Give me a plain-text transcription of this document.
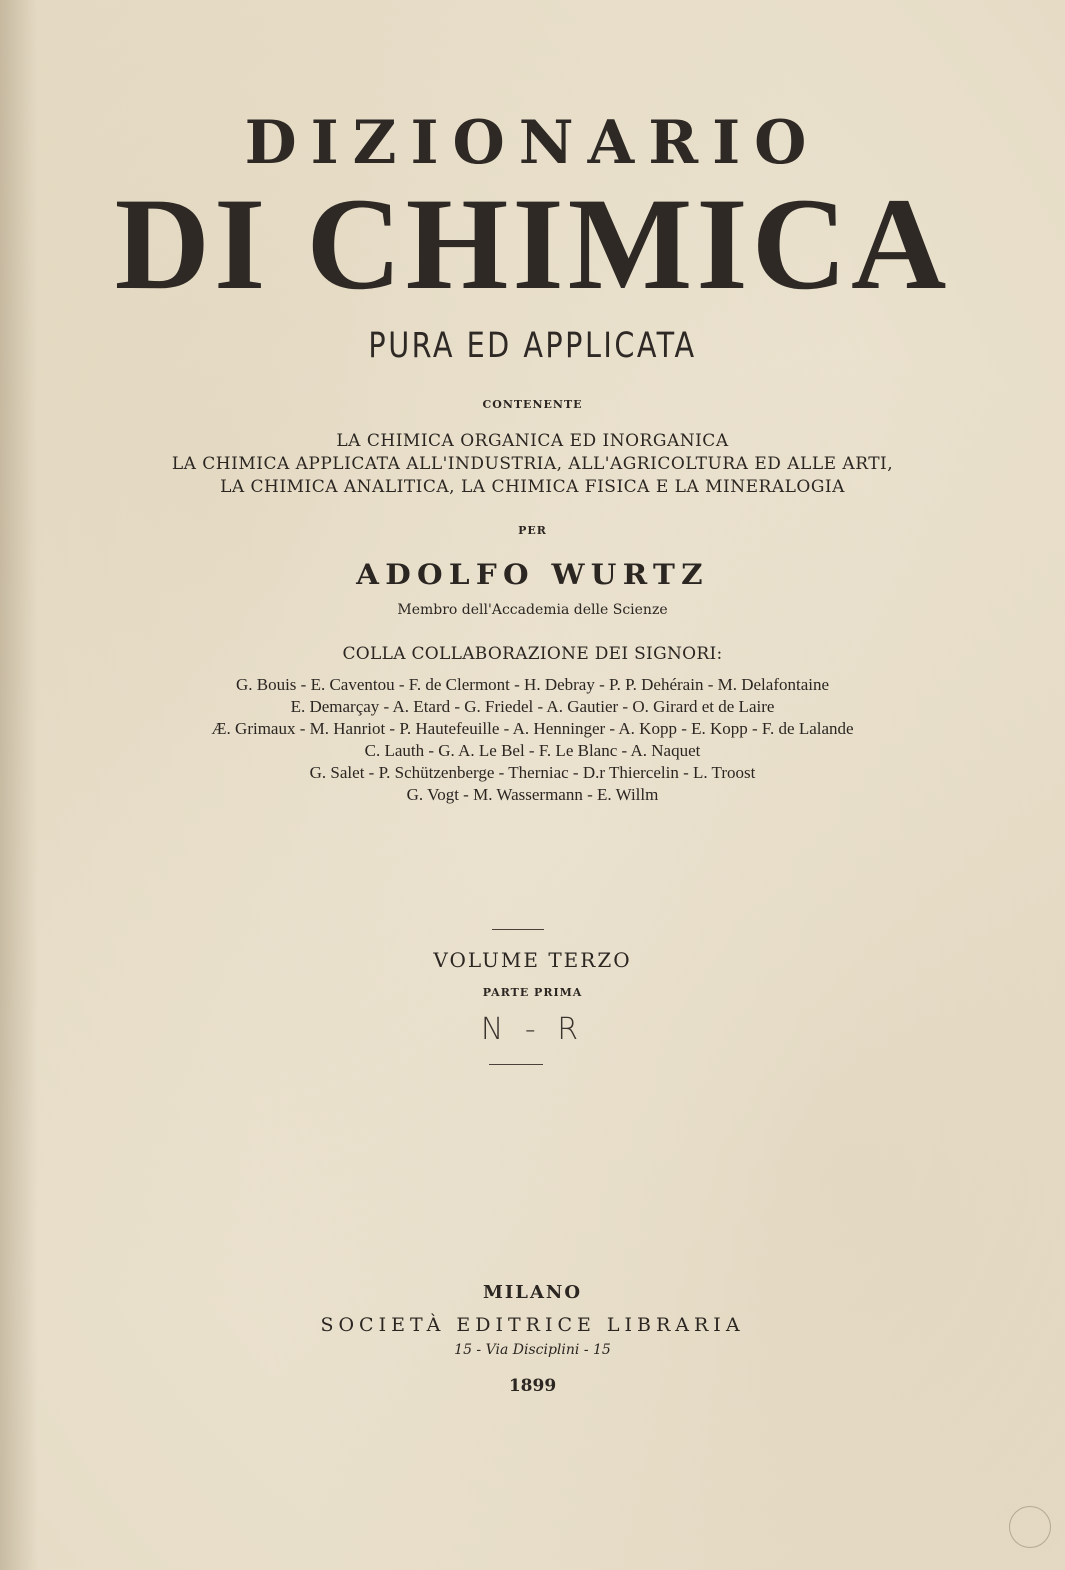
DIZIONARIO
DI CHIMICA
PURA ED APPLICATA
CONTENENTE
LA CHIMICA ORGANICA ED INORGANICA
LA CHIMICA APPLICATA ALL'INDUSTRIA, ALL'AGRICOLTURA ED ALLE ARTI,
LA CHIMICA ANALITICA, LA CHIMICA FISICA E LA MINERALOGIA
PER
ADOLFO WURTZ
Membro dell'Accademia delle Scienze
COLLA COLLABORAZIONE DEI SIGNORI:
G. Bouis - E. Caventou - F. de Clermont - H. Debray - P. P. Dehérain - M. Delafontaine
E. Demarçay - A. Etard - G. Friedel - A. Gautier - O. Girard et de Laire
Æ. Grimaux - M. Hanriot - P. Hautefeuille - A. Henninger - A. Kopp - E. Kopp - F. de Lalande
C. Lauth - G. A. Le Bel - F. Le Blanc - A. Naquet
G. Salet - P. Schützenberge - Therniac - D.r Thiercelin - L. Troost
G. Vogt - M. Wassermann - E. Willm
VOLUME TERZO
PARTE PRIMA
N - R
MILANO
SOCIETÀ EDITRICE LIBRARIA
15 - Via Disciplini - 15
1899
